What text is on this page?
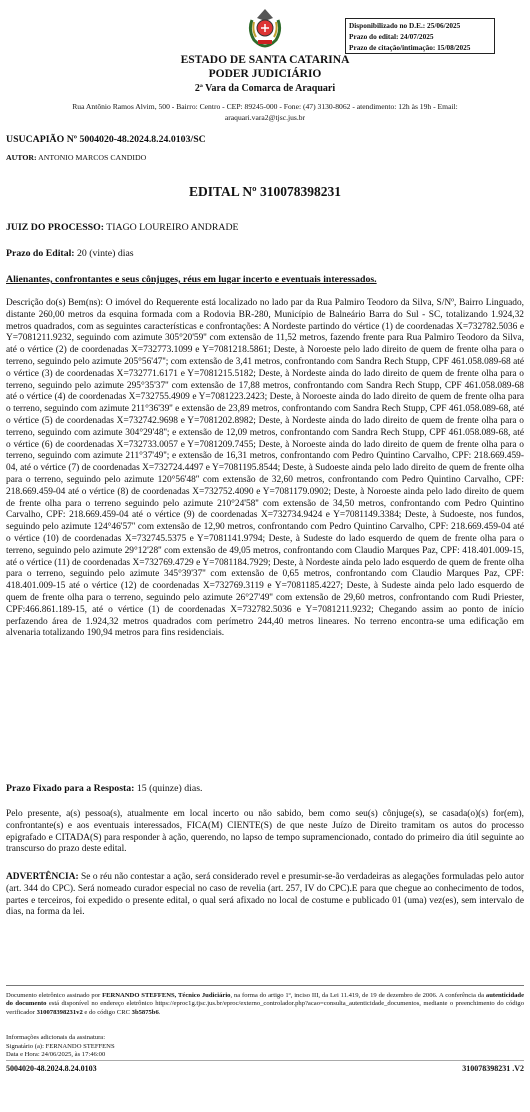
Disponibilizado no D.E.: 25/06/2025
Prazo do edital: 24/07/2025
Prazo de citação/intimação: 15/08/2025
ESTADO DE SANTA CATARINA
PODER JUDICIÁRIO
2ª Vara da Comarca de Araquari
Rua Antônio Ramos Alvim, 500 - Bairro: Centro - CEP: 89245-000 - Fone: (47) 3130-8062 - atendimento: 12h às 19h - Email:
araquari.vara2@tjsc.jus.br
USUCAPIÃO Nº 5004020-48.2024.8.24.0103/SC
AUTOR: ANTONIO MARCOS CANDIDO
EDITAL Nº 310078398231
JUIZ DO PROCESSO: TIAGO LOUREIRO ANDRADE
Prazo do Edital: 20 (vinte) dias
Alienantes, confrontantes e seus cônjuges, réus em lugar incerto e eventuais interessados.

Descrição do(s) Bem(ns): O imóvel do Requerente está localizado no lado par da Rua Palmiro Teodoro da Silva, S/Nº, Bairro Linguado, distante 260,00 metros da esquina formada com a Rodovia BR-280, Município de Balneário Barra do Sul - SC, totalizando 1.924,32 metros quadrados, com as seguintes características e confrontações: A Nordeste partindo do vértice (1) de coordenadas X=732782.5036 e Y=7081211.9232, seguindo com azimute 305°20'59'' com extensão de 11,52 metros, fazendo frente para Rua Palmiro Teodoro da Silva, até o vértice (2) de coordenadas X=732773.1099 e Y=7081218.5861; Deste, à Noroeste pelo lado direito de quem de frente olha para o terreno, seguindo pelo azimute 205°56'47''; com extensão de 3,41 metros, confrontando com Sandra Rech Stupp, CPF 461.058.089-68 até o vértice (3) de coordenadas X=732771.6171 e Y=7081215.5182; Deste, à Nordeste ainda do lado direito de quem de frente olha para o terreno, seguindo pelo azimute 295°35'37'' com extensão de 17,88 metros, confrontando com Sandra Rech Stupp, CPF 461.058.089-68 até o vértice (4) de coordenadas X=732755.4909 e Y=7081223.2423; Deste, à Noroeste ainda do lado direito de quem de frente olha para o terreno, seguindo com azimute 211°36'39'' e extensão de 23,89 metros, confrontando com Sandra Rech Stupp, CPF 461.058.089-68, até o vértice (5) de coordenadas X=732742.9698 e Y=7081202.8982; Deste, à Nordeste ainda do lado direito de quem de frente olha para o terreno, seguindo com azimute 304°29'48''; e extensão de 12,09 metros, confrontando com Sandra Rech Stupp, CPF 461.058.089-68, até o vértice (6) de coordenadas X=732733.0057 e Y=7081209.7455; Deste, à Noroeste ainda do lado direito de quem de frente olha para o terreno, seguindo com azimute 211°37'49''; e extensão de 16,31 metros, confrontando com Pedro Quintino Carvalho, CPF: 218.669.459-04, até o vértice (7) de coordenadas X=732724.4497 e Y=7081195.8544; Deste, à Sudoeste ainda pelo lado direito de quem de frente olha para o terreno, seguindo pelo azimute 120°56'48'' com extensão de 32,60 metros, confrontando com Pedro Quintino Carvalho, CPF: 218.669.459-04 até o vértice (8) de coordenadas X=732752.4090 e Y=7081179.0902; Deste, à Noroeste ainda pelo lado direito de quem de frente olha para o terreno seguindo pelo azimute 210°24'58'' com extensão de 34,50 metros, confrontando com Pedro Quintino Carvalho, CPF: 218.669.459-04 até o vértice (9) de coordenadas X=732734.9424 e Y=7081149.3384; Deste, à Sudoeste, nos fundos, seguindo pelo azimute 124°46'57'' com extensão de 12,90 metros, confrontando com Pedro Quintino Carvalho, CPF: 218.669.459-04 até o vértice (10) de coordenadas X=732745.5375 e Y=7081141.9794; Deste, à Sudeste do lado esquerdo de quem de frente olha para o terreno, seguindo pelo azimute 29°12'28'' com extensão de 49,05 metros, confrontando com Claudio Marques Paz, CPF: 418.401.009-15, até o vértice (11) de coordenadas X=732769.4729 e Y=7081184.7929; Deste, à Nordeste ainda pelo lado esquerdo de quem de frente olha para o terreno, seguindo pelo azimute 345°39'37'' com extensão de 0,65 metros, confrontando com Claudio Marques Paz, CPF: 418.401.009-15 até o vértice (12) de coordenadas X=732769.3119 e Y=7081185.4227; Deste, à Sudeste ainda pelo lado esquerdo de quem de frente olha para o terreno, seguindo pelo azimute 26°27'49'' com extensão de 29,60 metros, confrontando com Rudi Priester, CPF:466.861.189-15, até o vértice (1) de coordenadas X=732782.5036 e Y=7081211.9232; Chegando assim ao ponto de início perfazendo área de 1.924,32 metros quadrados com perímetro 244,40 metros lineares. No terreno encontra-se uma edificação em alvenaria totalizando 190,94 metros para fins residenciais.

Prazo Fixado para a Resposta: 15 (quinze) dias.

Pelo presente, a(s) pessoa(s), atualmente em local incerto ou não sabido, bem como seu(s) cônjuge(s), se casada(o)(s) for(em), confrontante(s) e aos eventuais interessados, FICA(M) CIENTE(S) de que neste Juízo de Direito tramitam os autos do processo epigrafado e CITADA(S) para responder à ação, querendo, no lapso de tempo supramencionado, contado do primeiro dia útil seguinte ao transcurso do prazo deste edital.

ADVERTÊNCIA: Se o réu não contestar a ação, será considerado revel e presumir-se-ão verdadeiras as alegações formuladas pelo autor (art. 344 do CPC). Será nomeado curador especial no caso de revelia (art. 257, IV do CPC).E para que chegue ao conhecimento de todos, partes e terceiros, foi expedido o presente edital, o qual será afixado no local de costume e publicado 01 (uma) vez(es), sem intervalo de dias, na forma da lei.

Documento eletrônico assinado por FERNANDO STEFFENS, Técnico Judiciário, na forma do artigo 1º, inciso III, da Lei 11.419, de 19 de dezembro de 2006. A conferência da autenticidade do documento está disponível no endereço eletrônico https://eproc1g.tjsc.jus.br/eproc/externo_controlador.php?acao=consulta_autenticidade_documentos, mediante o preenchimento do código verificador 310078398231v2 e do código CRC 3b5875b6.

Informações adicionais da assinatura:
Signatário (a): FERNANDO STEFFENS
Data e Hora: 24/06/2025, às 17:46:00
5004020-48.2024.8.24.0103	310078398231 .V2
